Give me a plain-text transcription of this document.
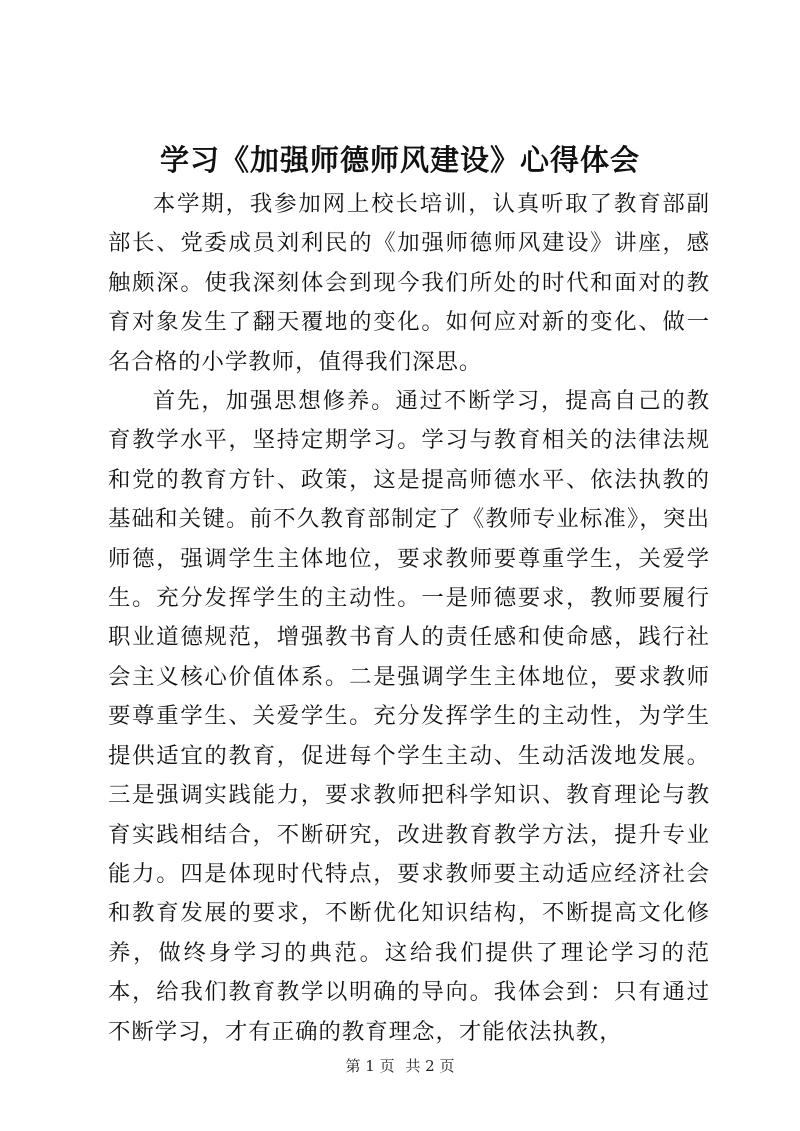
学习《加强师德师风建设》心得体会

本学期，我参加网上校长培训，认真听取了教育部副部长、党委成员刘利民的《加强师德师风建设》讲座，感触颇深。使我深刻体会到现今我们所处的时代和面对的教育对象发生了翻天覆地的变化。如何应对新的变化、做一名合格的小学教师，值得我们深思。

首先，加强思想修养。通过不断学习，提高自己的教育教学水平，坚持定期学习。学习与教育相关的法律法规和党的教育方针、政策，这是提高师德水平、依法执教的基础和关键。前不久教育部制定了《教师专业标准》，突出师德，强调学生主体地位，要求教师要尊重学生，关爱学生。充分发挥学生的主动性。一是师德要求，教师要履行职业道德规范，增强教书育人的责任感和使命感，践行社会主义核心价值体系。二是强调学生主体地位，要求教师要尊重学生、关爱学生。充分发挥学生的主动性，为学生提供适宜的教育，促进每个学生主动、生动活泼地发展。三是强调实践能力，要求教师把科学知识、教育理论与教育实践相结合，不断研究，改进教育教学方法，提升专业能力。四是体现时代特点，要求教师要主动适应经济社会和教育发展的要求，不断优化知识结构，不断提高文化修养，做终身学习的典范。这给我们提供了理论学习的范本，给我们教育教学以明确的导向。我体会到：只有通过不断学习，才有正确的教育理念，才能依法执教，

第 1 页 共 2 页
